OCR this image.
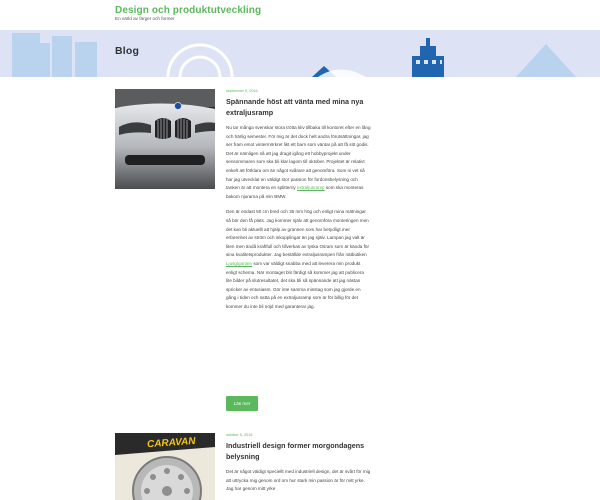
Design och produktutveckling
En värld av färger och former
Blog
september 9, 2016
Spännande höst att vänta med mina nya extraljusramp

Nu tar många svenskar stora trötta kliv tillbaka till kontoret efter en lång och härlig semester. För mig är det dock helt andra förutsättningar, jag ser fram emot vintermörkret likt ett barn som väntar på att få sitt godis. Det är nämligen så att jag dragit igång ett hobbyprojekt under sensommaren som ska bli klar lagom till oktober. Projektet är relativt enkelt att förklara om än något svårare att genomföra. Som ni vet så har jag utvecklat en väldigt stor passion för fordonsbelysning och tanken är att montera en splitterny extraljusramp som ska monteras bakom njurarna på min BMW.

Den är endast 50 cm bred och 35 mm hög och enligt mina mätningar så bör den få plats. Jag kommer själv att genomföra monteringen men det kan bli aktuellt att hjälp av grannen som har betydligt mer erfarenhet av ström och inkopplingar än jag själv. Lampan jag valt är liten men ändå kraftfull och tillverkas av tyska Osram som är kända för sina kvalitetsprodukter. Jag beställde extraljusrampen från nätbutiken Ljusgiganten som var väldigt snabba med att leverera min produkt enligt schema. När montaget blir färdigt så kommer jag att publicera lite bilder på slutresultatet, det ska bli så spännande att jag nästan spricker av entusiasm. Gör inte samma misstag som jag gjorde en gång i tiden och satta på en extraljusramp som är för billig för det kommer du inte bli nöjd med garanterar jag.

Läs mer
CARAVAN
oktober 5, 2016
Industriell design former morgondagens belysning

Det är något väldigt speciellt med industriell design, det är svårt för mig att uttrycka mig genom ord om hur stark min passion är för mitt yrke. Jag har genom mitt yrke
